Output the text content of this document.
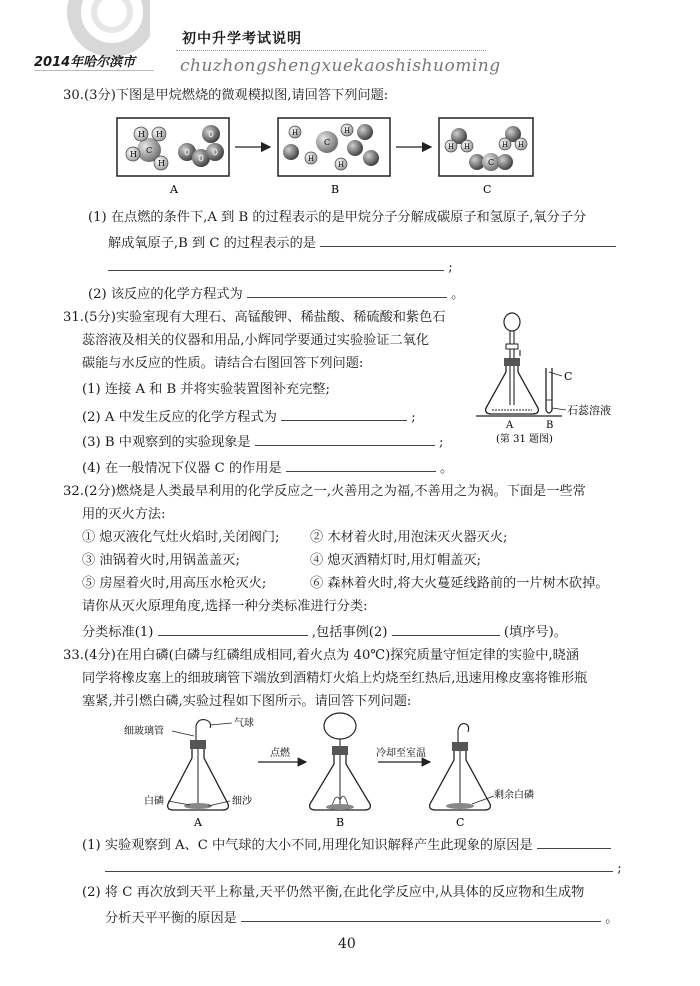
初中升学考试说明
2014年哈尔滨市	chuzhongshengxuekaoshishuoming
30.(3分)下图是甲烷燃烧的微观模拟图,请回答下列问题:
H H
H
H
C
C
H
H
H
H
H H	H H
C
A	B	C
(1) 在点燃的条件下,A 到 B 的过程表示的是甲烷分子分解成碳原子和氢原子,氧分子分
解成氧原子,B 到 C 的过程表示的是
;
(2) 该反应的化学方程式为	。
31.(5分)实验室现有大理石、高锰酸钾、稀盐酸、稀硫酸和紫色石
蕊溶液及相关的仪器和用品,小辉同学要通过实验验证二氧化
碳能与水反应的性质。请结合右图回答下列问题:
(1) 连接 A 和 B 并将实验装置图补充完整;
(2) A 中发生反应的化学方程式为	;
(3) B 中观察到的实验现象是	;
(4) 在一般情况下仪器 C 的作用是	。
C
石蕊溶液
A	B
(第 31 题图)
32.(2分)燃烧是人类最早利用的化学反应之一,火善用之为福,不善用之为祸。下面是一些常
用的灭火方法:
① 熄灭液化气灶火焰时,关闭阀门; ② 木材着火时,用泡沫灭火器灭火;
③ 油锅着火时,用锅盖盖灭;	④ 熄灭酒精灯时,用灯帽盖灭;
⑤ 房屋着火时,用高压水枪灭火;	⑥ 森林着火时,将大火蔓延线路前的一片树木砍掉。
请你从灭火原理角度,选择一种分类标准进行分类:
分类标准(1)	,包括事例(2)	(填序号)。
33.(4分)在用白磷(白磷与红磷组成相同,着火点为 40℃)探究质量守恒定律的实验中,晓涵
同学将橡皮塞上的细玻璃管下端放到酒精灯火焰上灼烧至红热后,迅速用橡皮塞将锥形瓶
塞紧,并引燃白磷,实验过程如下图所示。请回答下列问题:
细玻璃管
气球
白磷	细沙
A
点燃
B
冷却至室温
剩余白磷
C
(1) 实验观察到 A、C 中气球的大小不同,用理化知识解释产生此现象的原因是
;
(2) 将 C 再次放到天平上称量,天平仍然平衡,在此化学反应中,从具体的反应物和生成物
分析天平平衡的原因是	。
40
